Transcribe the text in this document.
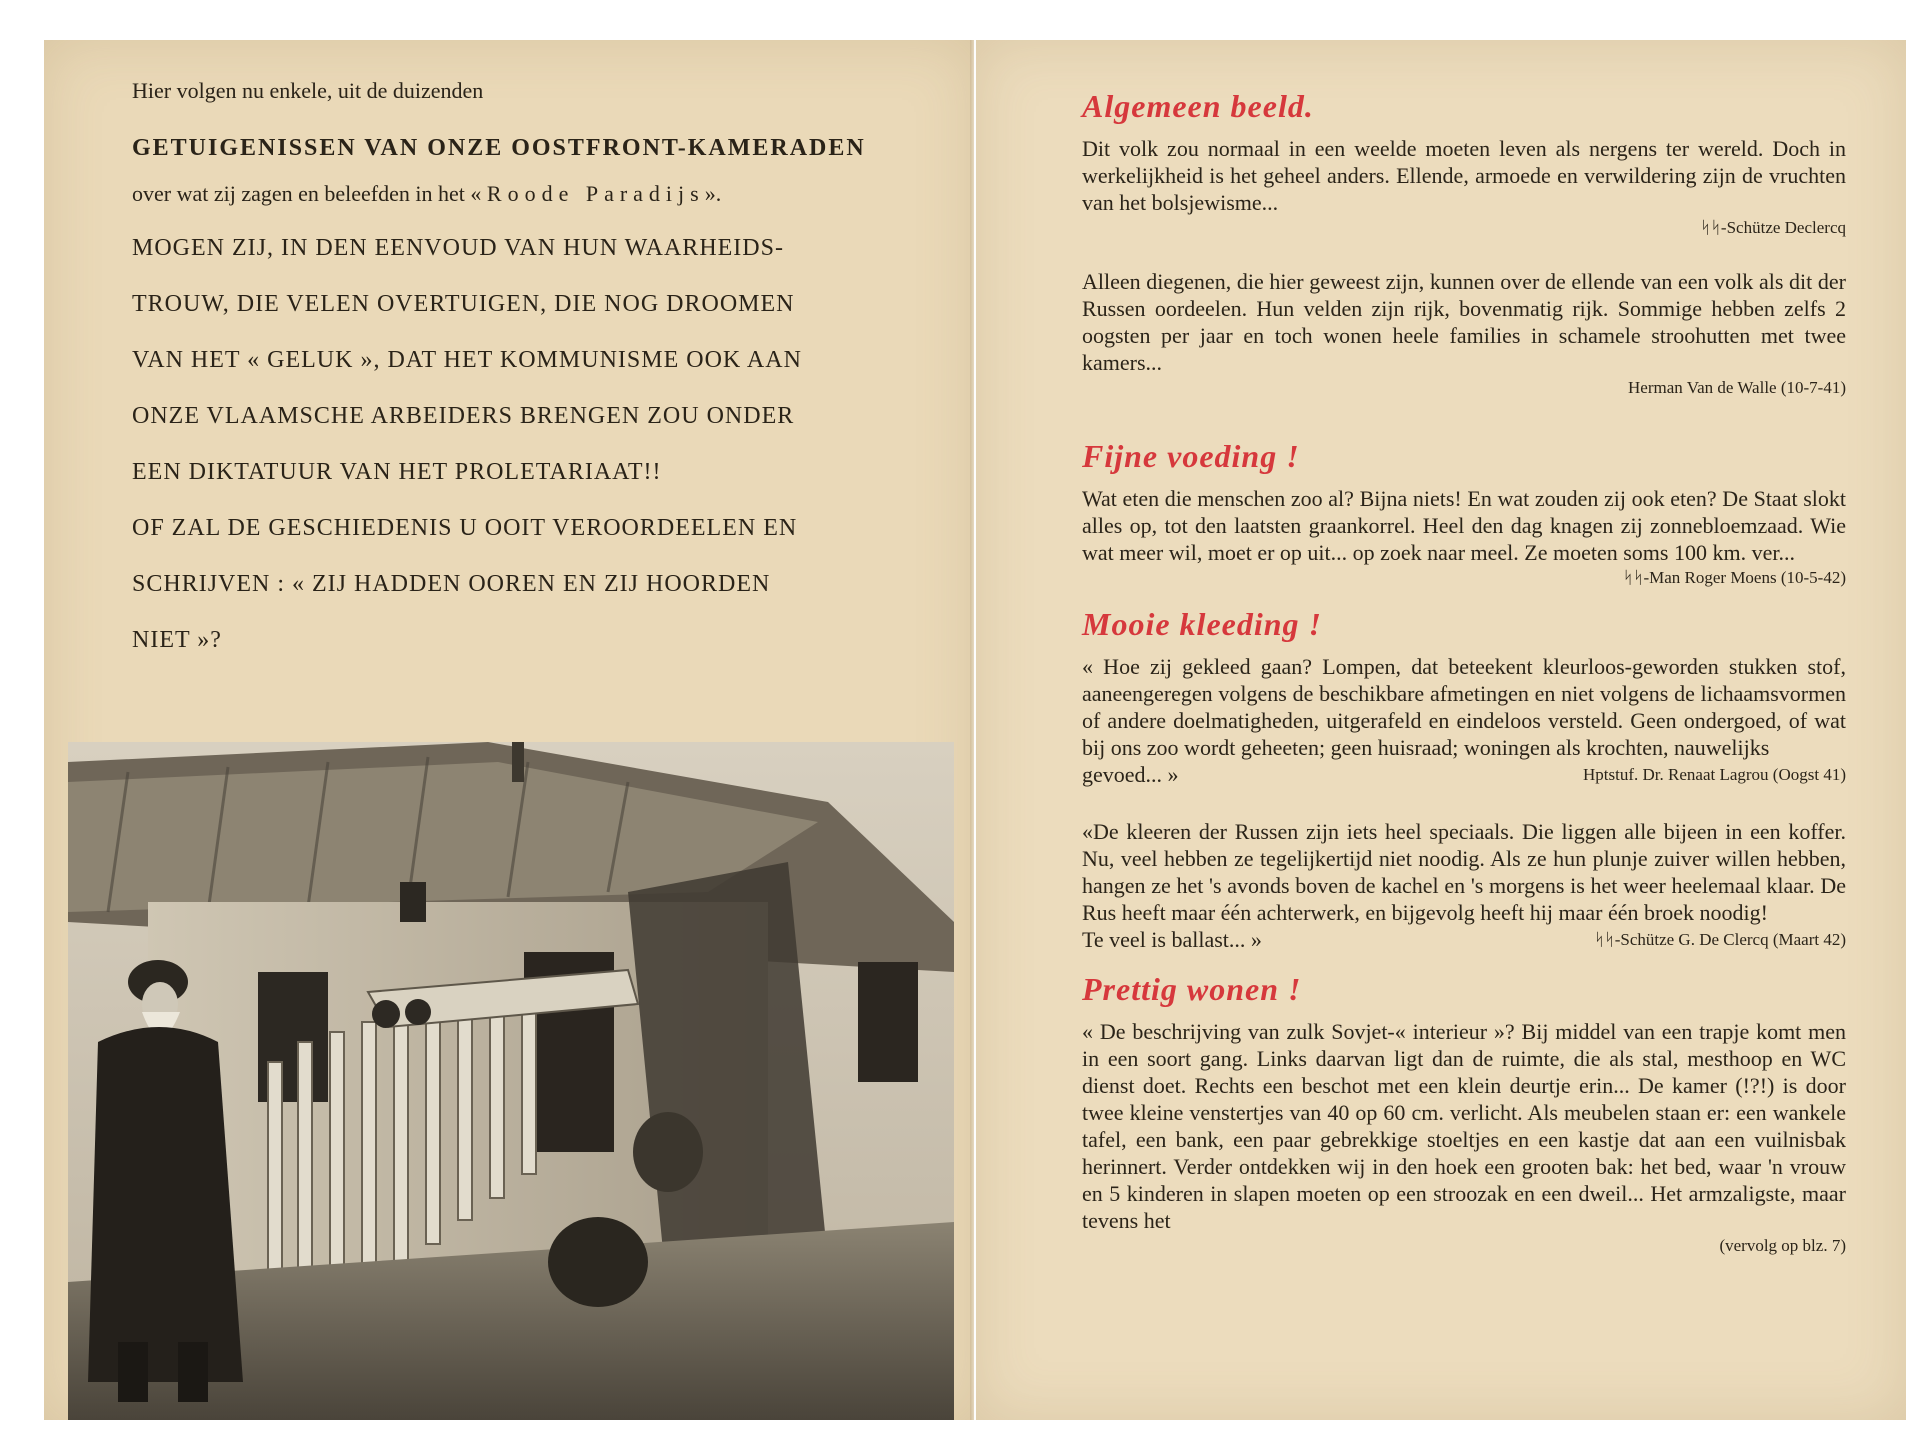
Hier volgen nu enkele, uit de duizenden

GETUIGENISSEN VAN ONZE OOSTFRONT-KAMERADEN

over wat zij zagen en beleefden in het « Roode Paradijs».

MOGEN ZIJ, IN DEN EENVOUD VAN HUN WAARHEIDS-

TROUW, DIE VELEN OVERTUIGEN, DIE NOG DROOMEN

VAN HET « GELUK », DAT HET KOMMUNISME OOK AAN

ONZE VLAAMSCHE ARBEIDERS BRENGEN ZOU ONDER

EEN DIKTATUUR VAN HET PROLETARIAAT!!

OF ZAL DE GESCHIEDENIS U OOIT VEROORDEELEN EN

SCHRIJVEN : « ZIJ HADDEN OOREN EN ZIJ HOORDEN

NIET »?

Algemeen beeld.

Dit volk zou normaal in een weelde moeten leven als nergens ter wereld. Doch in werkelijkheid is het geheel anders. Ellende, armoede en verwildering zijn de vruchten van het bolsjewisme...

ᛋᛋ-Schütze Declercq

Alleen diegenen, die hier geweest zijn, kunnen over de ellende van een volk als dit der Russen oordeelen. Hun velden zijn rijk, bovenmatig rijk. Sommige hebben zelfs 2 oogsten per jaar en toch wonen heele families in schamele stroohutten met twee kamers...

Herman Van de Walle (10-7-41)

Fijne voeding !

Wat eten die menschen zoo al? Bijna niets! En wat zouden zij ook eten? De Staat slokt alles op, tot den laatsten graankorrel. Heel den dag knagen zij zonnebloemzaad. Wie wat meer wil, moet er op uit... op zoek naar meel. Ze moeten soms 100 km. ver...

ᛋᛋ-Man Roger Moens (10-5-42)

Mooie kleeding !

« Hoe zij gekleed gaan? Lompen, dat beteekent kleurloos-geworden stukken stof, aaneengeregen volgens de beschikbare afmetingen en niet volgens de lichaamsvormen of andere doelmatigheden, uitgerafeld en eindeloos versteld. Geen ondergoed, of wat bij ons zoo wordt geheeten; geen huisraad; woningen als krochten, nauwelijks

gevoed... »	Hptstuf. Dr. Renaat Lagrou (Oogst 41)

«De kleeren der Russen zijn iets heel speciaals. Die liggen alle bijeen in een koffer. Nu, veel hebben ze tegelijkertijd niet noodig. Als ze hun plunje zuiver willen hebben, hangen ze het 's avonds boven de kachel en 's morgens is het weer heelemaal klaar. De Rus heeft maar één achterwerk, en bijgevolg heeft hij maar één broek noodig!

Te veel is ballast... »	ᛋᛋ-Schütze G. De Clercq (Maart 42)
Prettig wonen !

« De beschrijving van zulk Sovjet-« interieur »? Bij middel van een trapje komt men in een soort gang. Links daarvan ligt dan de ruimte, die als stal, mesthoop en WC dienst doet. Rechts een beschot met een klein deurtje erin... De kamer (!?!) is door twee kleine venstertjes van 40 op 60 cm. verlicht. Als meubelen staan er: een wankele tafel, een bank, een paar gebrekkige stoeltjes en een kastje dat aan een vuilnisbak herinnert. Verder ontdekken wij in den hoek een grooten bak: het bed, waar 'n vrouw en 5 kinderen in slapen moeten op een stroozak en een dweil... Het armzaligste, maar tevens het

(vervolg op blz. 7)
